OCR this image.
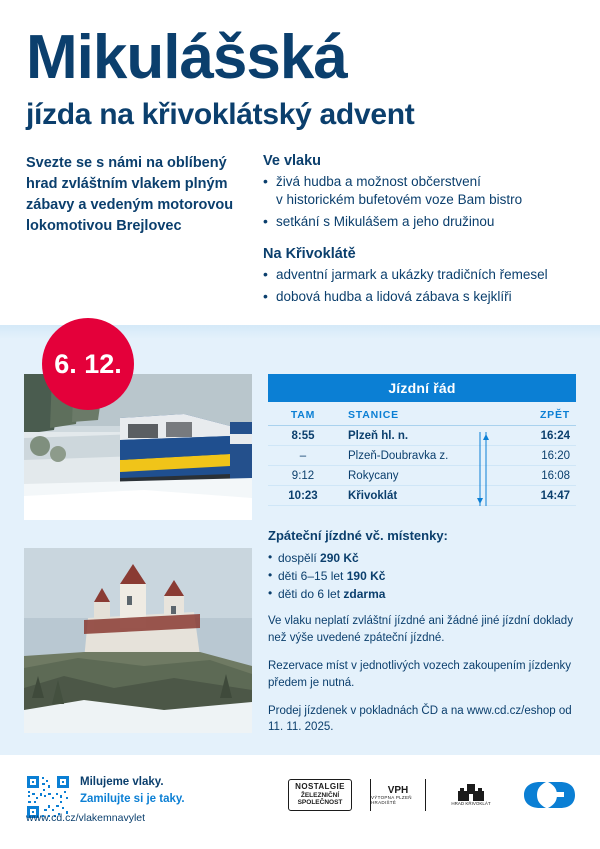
Mikulášská
jízda na křivoklátský advent
Svezte se s námi na oblíbený hrad zvláštním vlakem plným zábavy a vedeným motorovou lokomotivou Brejlovec

Ve vlaku

• živá hudba a možnost občerstvení
v historickém bufetovém voze Bam bistro
• setkání s Mikulášem a jeho družinou

Na Křivoklátě

• adventní jarmark a ukázky tradičních řemesel
• dobová hudba a lidová zábava s kejklíři
6. 12.
Jízdní řád
TAM	STANICE	ZPĚT
8:55	Plzeň hl. n.	16:24
–	Plzeň-Doubravka z.	16:20
9:12	Rokycany	16:08
10:23	Křivoklát	14:47
Zpáteční jízdné vč. místenky:
• dospělí 290 Kč
• děti 6–15 let 190 Kč
• děti do 6 let zdarma

Ve vlaku neplatí zvláštní jízdné ani žádné jiné jízdní doklady než výše uvedené zpáteční jízdné.

Rezervace míst v jednotlivých vozech zakoupením jízdenky předem je nutná.

Prodej jízdenek v pokladnách ČD a na www.cd.cz/eshop od 11. 11. 2025.

Milujeme vlaky.
Zamilujte si je taky.
www.cd.cz/vlakemnavylet
NOSTALGIE
ŽELEZNIČNÍ SPOLEČNOST
VPH
VÝTOPNA PLZEŇ HRADIŠTĚ	HRAD KŘIVOKLÁT
